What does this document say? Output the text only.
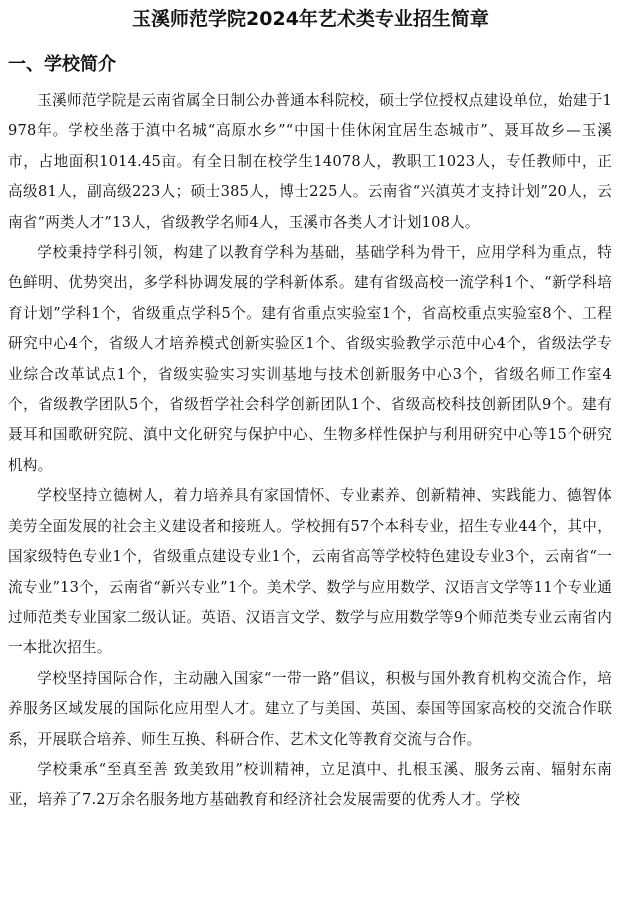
玉溪师范学院2024年艺术类专业招生简章
一、学校简介

玉溪师范学院是云南省属全日制公办普通本科院校，硕士学位授权点建设单位，始建于1978年。学校坐落于滇中名城“高原水乡”“中国十佳休闲宜居生态城市”、聂耳故乡—玉溪市，占地面积1014.45亩。有全日制在校学生14078人，教职工1023人，专任教师中，正高级81人，副高级223人；硕士385人，博士225人。云南省“兴滇英才支持计划”20人，云南省“两类人才”13人，省级教学名师4人，玉溪市各类人才计划108人。

学校秉持学科引领，构建了以教育学科为基础，基础学科为骨干，应用学科为重点，特色鲜明、优势突出，多学科协调发展的学科新体系。建有省级高校一流学科1个、“新学科培育计划”学科1个，省级重点学科5个。建有省重点实验室1个，省高校重点实验室8个、工程研究中心4个，省级人才培养模式创新实验区1个、省级实验教学示范中心4个，省级法学专业综合改革试点1个，省级实验实习实训基地与技术创新服务中心3个，省级名师工作室4个，省级教学团队5个，省级哲学社会科学创新团队1个、省级高校科技创新团队9个。建有聂耳和国歌研究院、滇中文化研究与保护中心、生物多样性保护与利用研究中心等15个研究机构。

学校坚持立德树人，着力培养具有家国情怀、专业素养、创新精神、实践能力、德智体美劳全面发展的社会主义建设者和接班人。学校拥有57个本科专业，招生专业44个，其中，国家级特色专业1个，省级重点建设专业1个，云南省高等学校特色建设专业3个，云南省“一流专业”13个，云南省“新兴专业”1个。美术学、数学与应用数学、汉语言文学等11个专业通过师范类专业国家二级认证。英语、汉语言文学、数学与应用数学等9个师范类专业云南省内一本批次招生。

学校坚持国际合作，主动融入国家“一带一路”倡议，积极与国外教育机构交流合作，培养服务区域发展的国际化应用型人才。建立了与美国、英国、泰国等国家高校的交流合作联系，开展联合培养、师生互换、科研合作、艺术文化等教育交流与合作。

学校秉承“至真至善 致美致用”校训精神，立足滇中、扎根玉溪、服务云南、辐射东南亚，培养了7.2万余名服务地方基础教育和经济社会发展需要的优秀人才。学校
